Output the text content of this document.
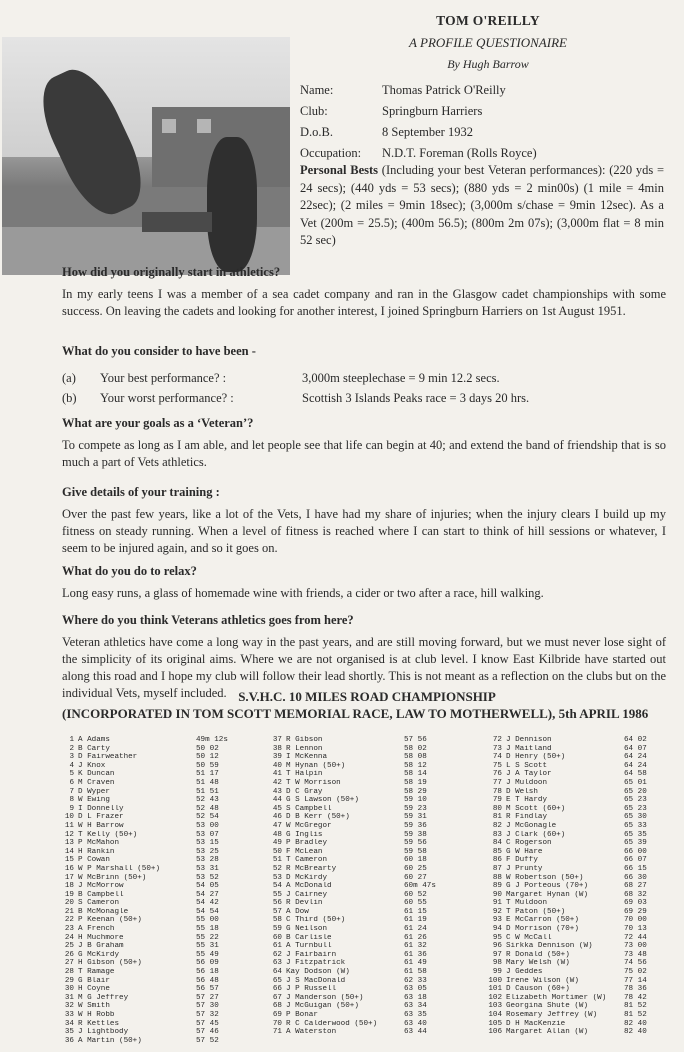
TOM O'REILLY
A PROFILE QUESTIONAIRE
By Hugh Barrow
Name:	Thomas Patrick O'Reilly
Club:	Springburn Harriers
D.o.B.	8 September 1932
Occupation:	N.D.T. Foreman (Rolls Royce)
Personal Bests (Including your best Veteran performances): (220 yds = 24 secs); (440 yds = 53 secs); (880 yds = 2 min00s) (1 mile = 4min 22sec); (2 miles = 9min 18sec); (3,000m s/chase = 9min 12sec). As a Vet (200m = 25.5); (400m 56.5); (800m 2m 07s); (3,000m flat = 8 min 52 sec)
How did you originally start in athletics?
In my early teens I was a member of a sea cadet company and ran in the Glasgow cadet championships with some success. On leaving the cadets and looking for another interest, I joined Springburn Harriers on 1st August 1951.
What do you consider to have been -
(a)	Your best performance? :	3,000m steeplechase = 9 min 12.2 secs.
(b)	Your worst performance? :	Scottish 3 Islands Peaks race = 3 days 20 hrs.
What are your goals as a ‘Veteran’?
To compete as long as I am able, and let people see that life can begin at 40; and extend the band of friendship that is so much a part of Vets athletics.
Give details of your training :
Over the past few years, like a lot of the Vets, I have had my share of injuries; when the injury clears I build up my fitness on steady running. When a level of fitness is reached where I can start to think of hill sessions or whatever, I seem to be injured again, and so it goes on.
What do you do to relax?
Long easy runs, a glass of homemade wine with friends, a cider or two after a race, hill walking.
Where do you think Veterans athletics goes from here?
Veteran athletics have come a long way in the past years, and are still moving forward, but we must never lose sight of the simplicity of its original aims. Where we are not organised is at club level. I know East Kilbride have started out along this road and I hope my club will follow their lead shortly. This is not meant as a reflection on the clubs but on the individual Vets, myself included. S.V.H.C. 10 MILES ROAD CHAMPIONSHIP
(INCORPORATED IN TOM SCOTT MEMORIAL RACE, LAW TO MOTHERWELL), 5th APRIL 1986
1 A Adams	49m 12s
2 B Carty	50 02
3 D Fairweather	50 12
4 J Knox	50 59
5 K Duncan	51 17
6 M Craven	51 48
7 D Wyper	51 51
8 W Ewing	52 43
9 I Donnelly	52 48
10 D L Frazer	52 54
11 W H Barrow	53 00
12 T Kelly (50+)	53 07
13 P McMahon	53 15
14 H Rankin	53 25
15 P Cowan	53 28
16 W P Marshall (50+)	53 31
17 W McBrinn (50+)	53 52
18 J McMorrow	54 05
19 B Campbell	54 27
20 S Cameron	54 42
21 B McMonagle	54 54
22 P Keenan (50+)	55 00
23 A French	55 18
24 H Muchmore	55 22
25 J B Graham	55 31
26 G McKirdy	55 49
27 H Gibson (50+)	56 09
28 T Ramage	56 18
29 G Blair	56 48
30 H Coyne	56 57
31 M G Jeffrey	57 27
32 W Smith	57 30
33 W H Robb	57 32
34 R Kettles	57 45
35 J Lightbody	57 46
36 A Martin (50+)	57 52
37 R Gibson	57 56
38 R Lennon	58 02
39 I McKenna	58 08
40 M Hynan (50+)	58 12
41 T Halpin	58 14
42 T W Morrison	58 19
43 D C Gray	58 29
44 G S Lawson (50+)	59 10
45 S Campbell	59 23
46 D B Kerr (50+)	59 31
47 W McGregor	59 36
48 G Inglis	59 38
49 P Bradley	59 56
50 F McLean	59 58
51 T Cameron	60 18
52 R McBrearty	60 25
53 D McKirdy	60 27
54 A McDonald	60m 47s
55 J Cairney	60 52
56 R Devlin	60 55
57 A Dow	61 15
58 C Third (50+)	61 19
59 G Neilson	61 24
60 B Carlisle	61 26
61 A Turnbull	61 32
62 J Fairbairn	61 36
63 J Fitzpatrick	61 49
64 Kay Dodson (W)	61 58
65 J S MacDonald	62 33
66 J P Russell	63 05
67 J Manderson (50+)	63 18
68 J McGuigan (50+)	63 34
69 P Bonar	63 35
70 R C Calderwood (50+)	63 40
71 A Waterston	63 44
72 J Dennison	64 02
73 J Maitland	64 07
74 D Henry (50+)	64 24
75 L S Scott	64 24
76 J A Taylor	64 58
77 J Muldoon	65 01
78 D Welsh	65 20
79 E T Hardy	65 23
80 M Scott (60+)	65 23
81 R Findlay	65 30
82 J McGonagle	65 33
83 J Clark (60+)	65 35
84 C Rogerson	65 39
85 G W Hare	66 00
86 F Duffy	66 07
87 J Prunty	66 15
88 W Robertson (50+)	66 30
89 G J Porteous (70+)	68 27
90 Margaret Hynan (W)	68 32
91 T Muldoon	69 03
92 T Paton (50+)	69 29
93 E McCarron (50+)	70 00
94 D Morrison (70+)	70 13
95 C W McCall	72 44
96 Sirkka Dennison (W)	73 00
97 R Donald (50+)	73 48
98 Mary Welsh (W)	74 56
99 J Geddes	75 02
100 Irene Wilson (W)	77 14
101 D Causon (60+)	78 36
102 Elizabeth Mortimer (W)	78 42
103 Georgina Shute (W)	81 52
104 Rosemary Jeffrey (W)	81 52
105 D H MacKenzie	82 40
106 Margaret Allan (W)	82 40
